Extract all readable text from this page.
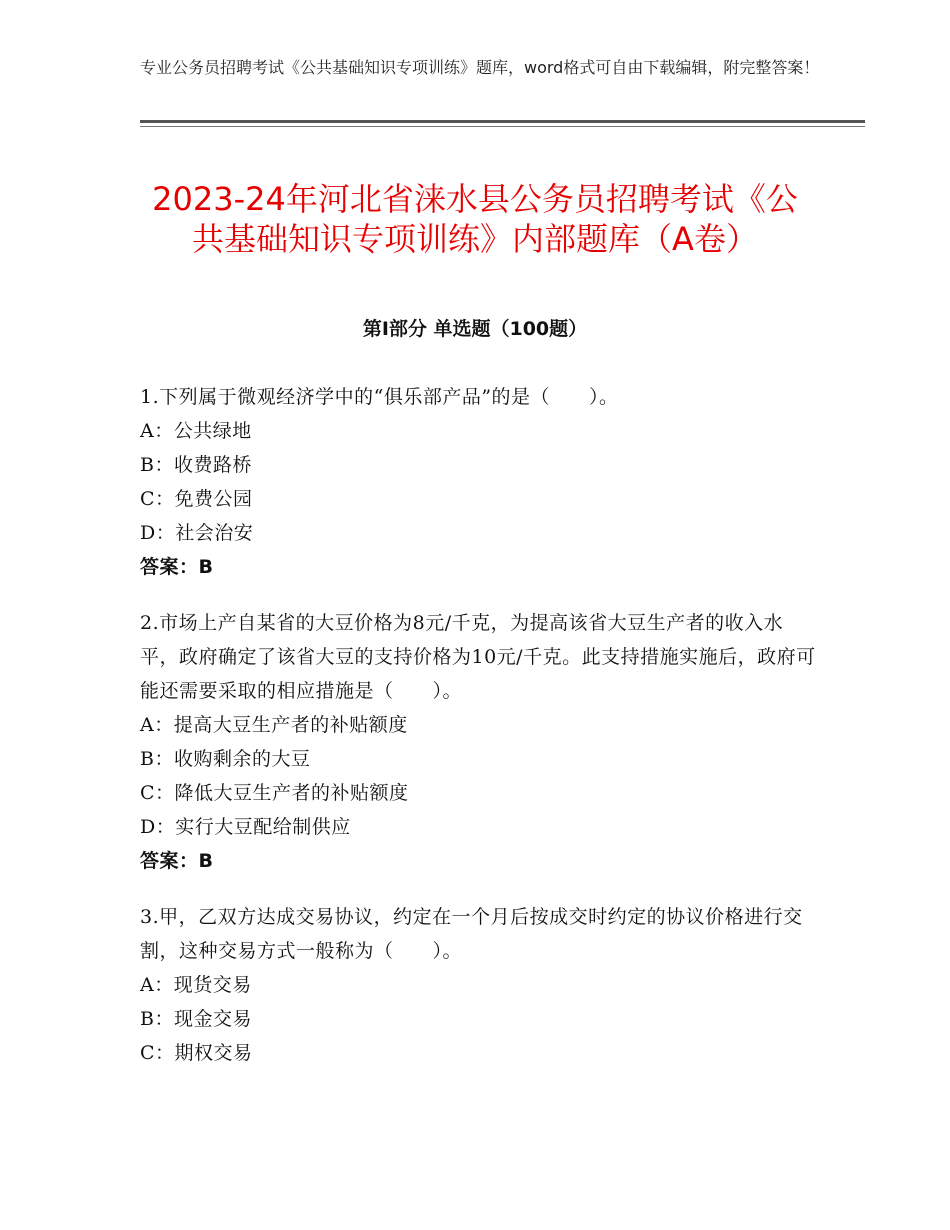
专业公务员招聘考试《公共基础知识专项训练》题库，word格式可自由下载编辑，附完整答案！
2023-24年河北省涞水县公务员招聘考试《公共基础知识专项训练》内部题库（A卷）
第Ⅰ部分 单选题（100题）
1.下列属于微观经济学中的“俱乐部产品”的是（　　）。
A：公共绿地
B：收费路桥
C：免费公园
D：社会治安
答案：B
2.市场上产自某省的大豆价格为8元/千克，为提高该省大豆生产者的收入水平，政府确定了该省大豆的支持价格为10元/千克。此支持措施实施后，政府可能还需要采取的相应措施是（　　）。
A：提高大豆生产者的补贴额度
B：收购剩余的大豆
C：降低大豆生产者的补贴额度
D：实行大豆配给制供应
答案：B
3.甲，乙双方达成交易协议，约定在一个月后按成交时约定的协议价格进行交割，这种交易方式一般称为（　　）。
A：现货交易
B：现金交易
C：期权交易
